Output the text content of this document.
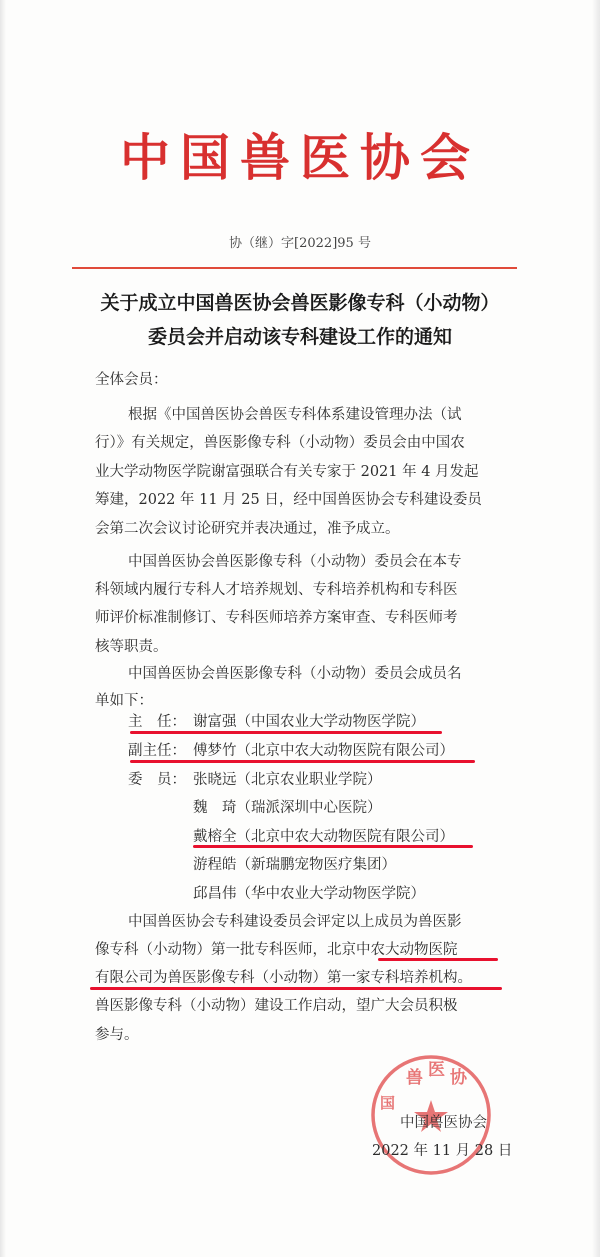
中国兽医协会
协（继）字[2022]95 号
关于成立中国兽医协会兽医影像专科（小动物）
委员会并启动该专科建设工作的通知
全体会员：
根据《中国兽医协会兽医专科体系建设管理办法（试
行）》有关规定，兽医影像专科（小动物）委员会由中国农
业大学动物医学院谢富强联合有关专家于 2021 年 4 月发起
筹建，2022 年 11 月 25 日，经中国兽医协会专科建设委员
会第二次会议讨论研究并表决通过，准予成立。
中国兽医协会兽医影像专科（小动物）委员会在本专
科领域内履行专科人才培养规划、专科培养机构和专科医
师评价标准制修订、专科医师培养方案审查、专科医师考
核等职责。
中国兽医协会兽医影像专科（小动物）委员会成员名
单如下：
主　任： 谢富强（中国农业大学动物医学院）
副主任： 傅梦竹（北京中农大动物医院有限公司）
委　员： 张晓远（北京农业职业学院）
魏　琦（瑞派深圳中心医院）
戴榕全（北京中农大动物医院有限公司）
游程皓（新瑞鹏宠物医疗集团）
邱昌伟（华中农业大学动物医学院）
中国兽医协会专科建设委员会评定以上成员为兽医影
像专科（小动物）第一批专科医师，北京中农大动物医院
有限公司为兽医影像专科（小动物）第一家专科培养机构。
兽医影像专科（小动物）建设工作启动，望广大会员积极
参与。
兽 医 协
国
中国兽医协会
2022 年 11 月 28 日
